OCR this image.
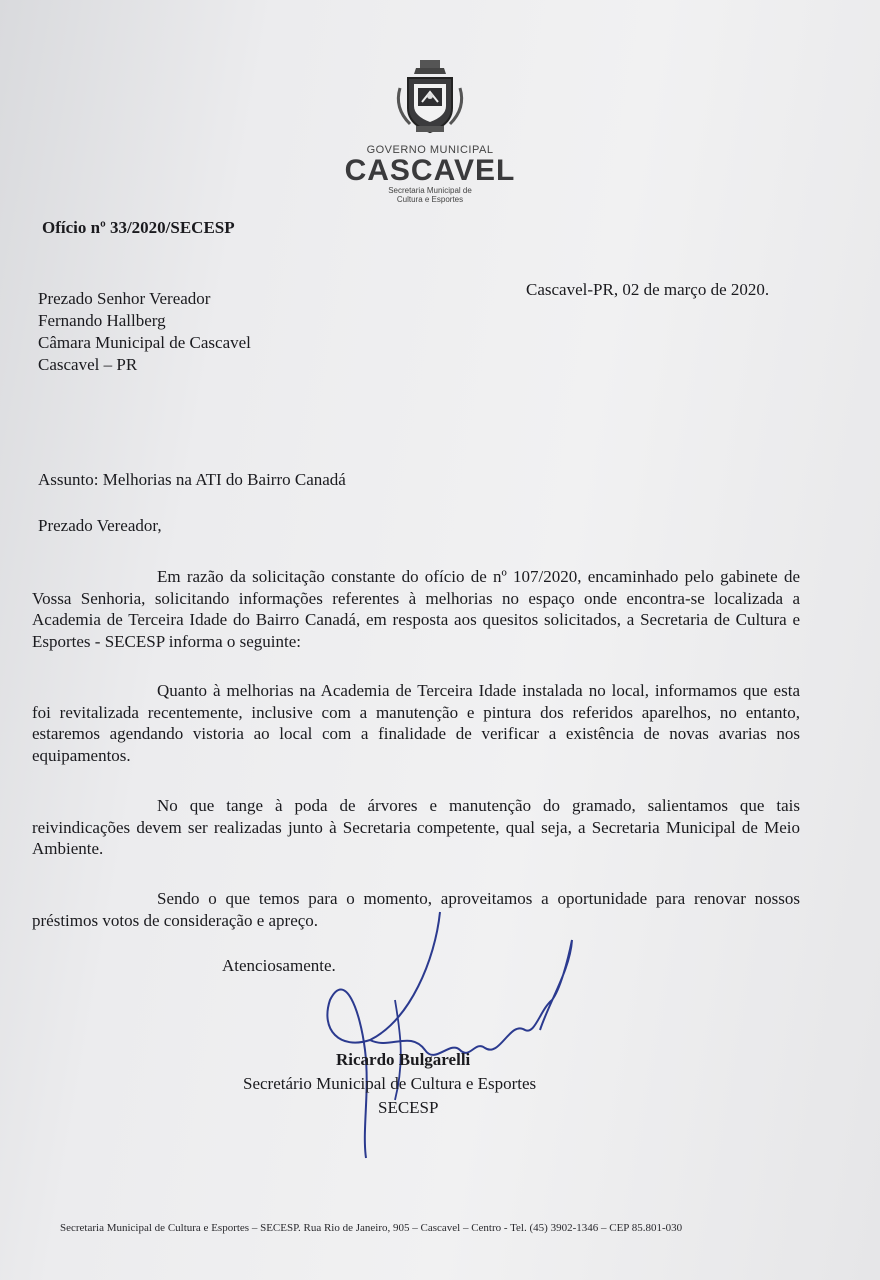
GOVERNO MUNICIPAL
CASCAVEL
Secretaria Municipal de
Cultura e Esportes
Ofício nº 33/2020/SECESP
Cascavel-PR, 02 de março de 2020.
Prezado Senhor Vereador
Fernando Hallberg
Câmara Municipal de Cascavel
Cascavel – PR
Assunto: Melhorias na ATI do Bairro Canadá
Prezado Vereador,
Em razão da solicitação constante do ofício de nº 107/2020, encaminhado pelo gabinete de Vossa Senhoria, solicitando informações referentes à melhorias no espaço onde encontra-se localizada a Academia de Terceira Idade do Bairro Canadá, em resposta aos quesitos solicitados, a Secretaria de Cultura e Esportes - SECESP informa o seguinte:
Quanto à melhorias na Academia de Terceira Idade instalada no local, informamos que esta foi revitalizada recentemente, inclusive com a manutenção e pintura dos referidos aparelhos, no entanto, estaremos agendando vistoria ao local com a finalidade de verificar a existência de novas avarias nos equipamentos.
No que tange à poda de árvores e manutenção do gramado, salientamos que tais reivindicações devem ser realizadas junto à Secretaria competente, qual seja, a Secretaria Municipal de Meio Ambiente.
Sendo o que temos para o momento, aproveitamos a oportunidade para renovar nossos préstimos votos de consideração e apreço.
Atenciosamente.
Ricardo Bulgarelli
Secretário Municipal de Cultura e Esportes
SECESP
Secretaria Municipal de Cultura e Esportes – SECESP. Rua Rio de Janeiro, 905 – Cascavel – Centro - Tel. (45) 3902-1346 – CEP 85.801-030
